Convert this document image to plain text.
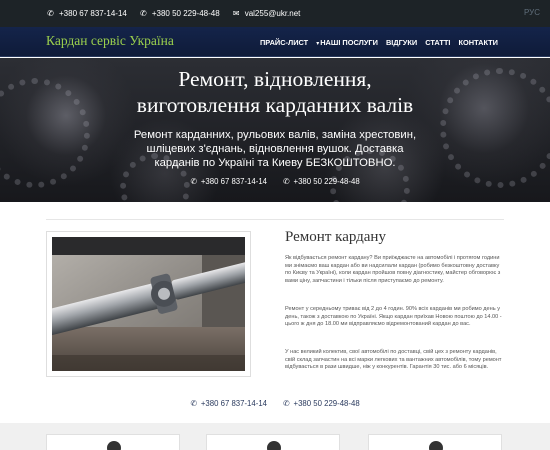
✆ +380 67 837-14-14 ✆ +380 50 229-48-48 ✉ val255@ukr.net	РУС
Кардан сервіс Україна	ПРАЙС-ЛИСТ ▾НАШІ ПОСЛУГИ ВІДГУКИ СТАТТІ КОНТАКТИ
Ремонт, відновлення,
виготовлення карданних валів
Ремонт карданних, рульових валів, заміна хрестовин,
шліцевих з'єднань, відновлення вушок. Доставка
карданів по Україні та Киеву БЕЗКОШТОВНО.
✆ +380 67 837-14-14 ✆ +380 50 229-48-48
Ремонт кардану

Як відбувається ремонт кардану? Ви приїжджаєте на автомобілі і протягом години ми знімаємо ваш кардан або ви надсилали кардан (робимо безкоштовну доставку по Києву та Україні), коли кардан пройшов повну діагностику, майстер обговорює з вами ціну, запчастини і тільки після приступаємо до ремонту.

Ремонт у середньому триває від 2 до 4 годин. 90% всіх карданів ми робимо день у день, також з доставкою по Україні. Якщо кардан приїхав Новою поштою до 14.00 - цього ж дня до 18.00 ми відправляємо відремонтований кардан до вас.

У нас великий колектив, свої автомобілі по доставці, свій цех з ремонту карданів, свій склад запчастин на всі марки легкових та вантажних автомобілів, тому ремонт відбувається в рази швидше, ніж у конкурентів. Гарантія 30 тис. або 6 місяців.

✆ +380 67 837-14-14 ✆ +380 50 229-48-48
